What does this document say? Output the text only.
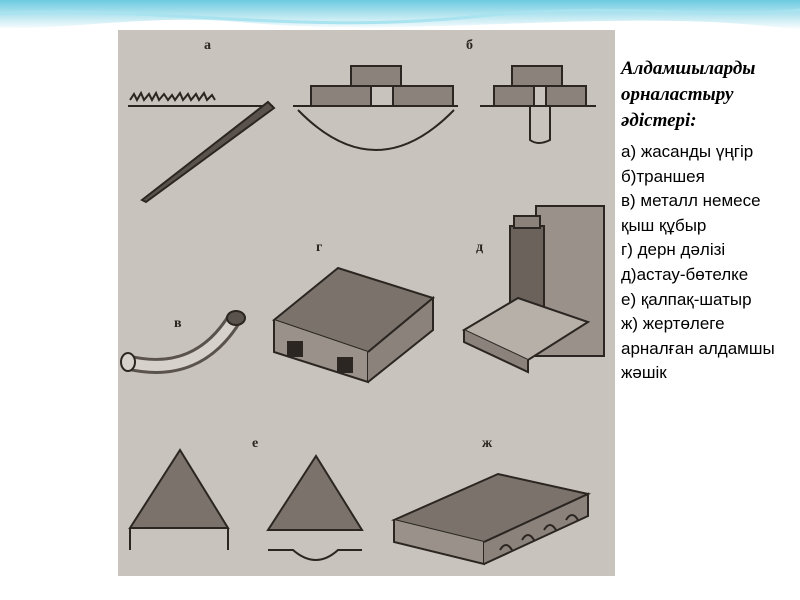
а	б
в
г	д
е	ж
Алдамшыларды
орналастыру
әдістері:
а) жасанды үңгір
б)траншея
в) металл немесе
қыш құбыр
г) дерн дәлізі
д)астау-бөтелке
е) қалпақ-шатыр
ж) жертөлеге
арналған алдамшы
жәшік
